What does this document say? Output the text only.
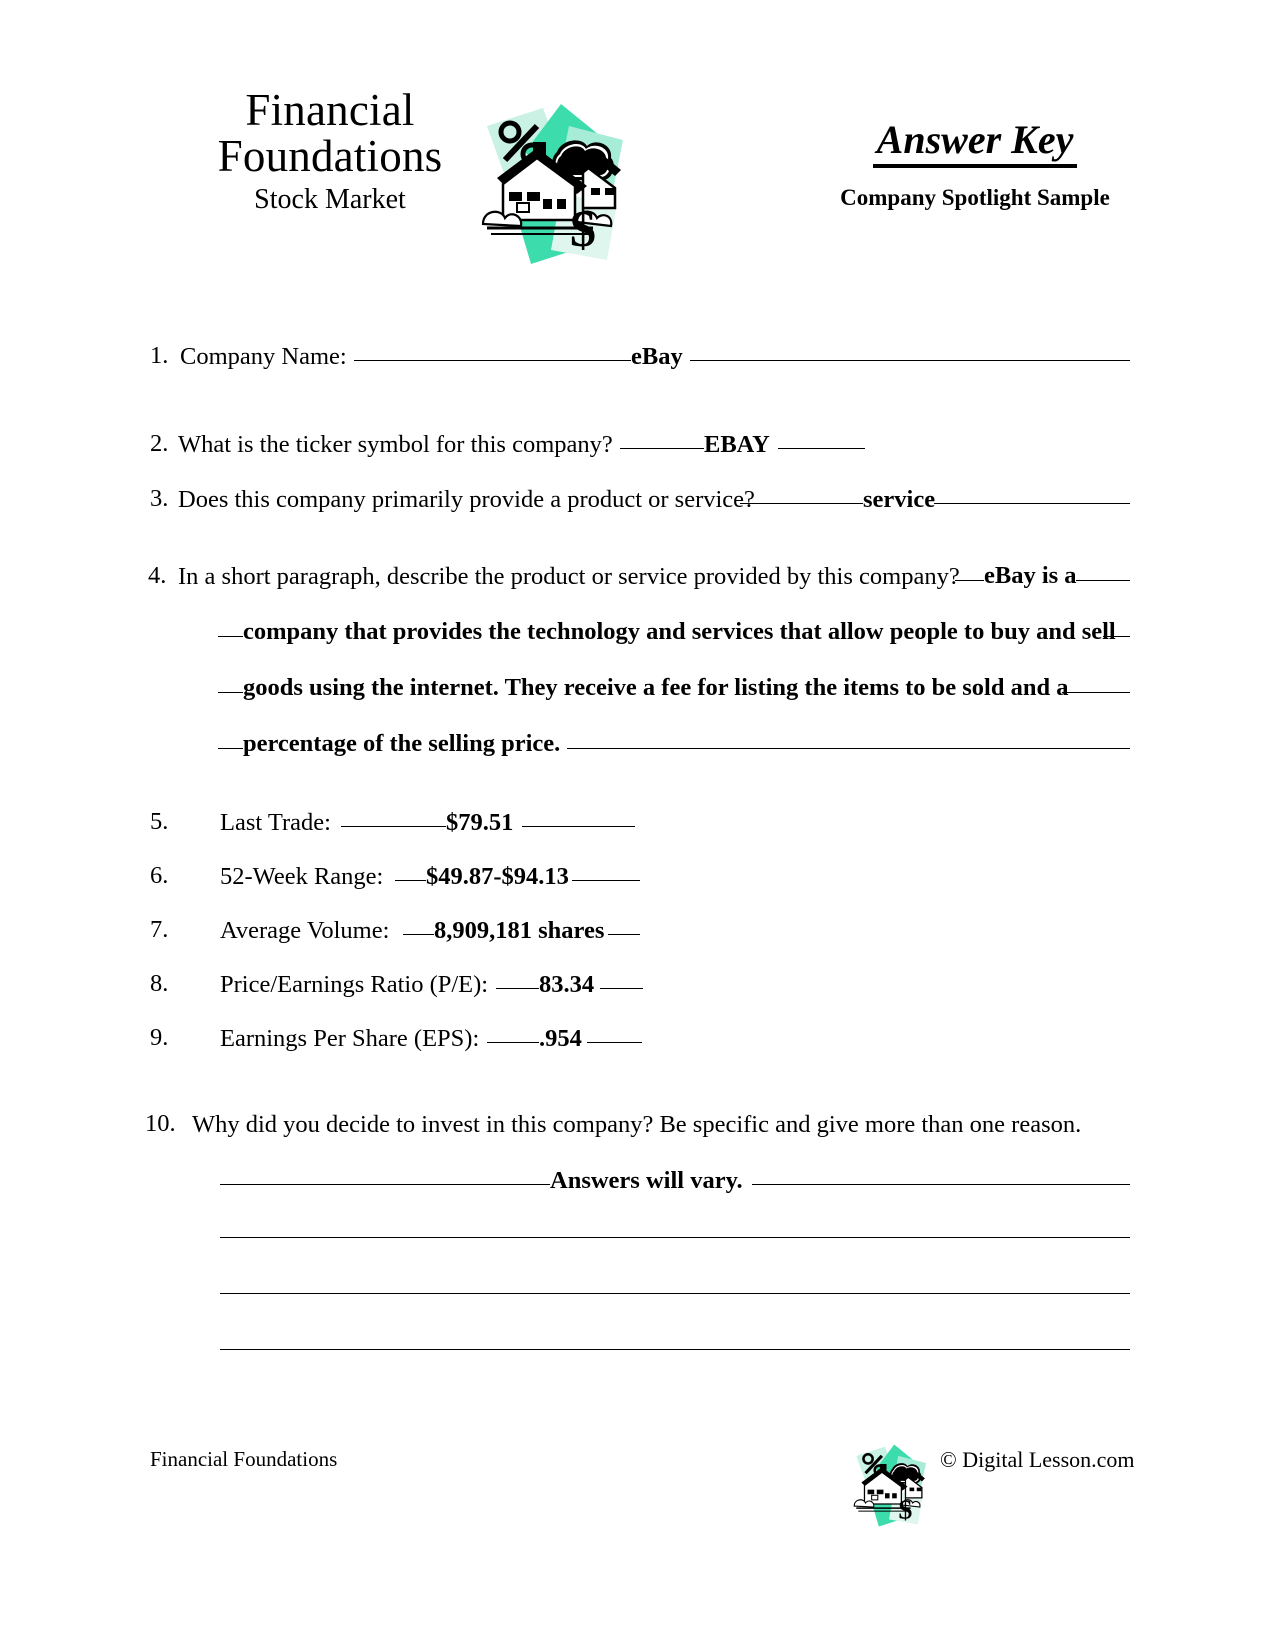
Financial
Foundations
Stock Market
$
Answer Key
Company Spotlight Sample
1. Company Name:	eBay
2. What is the ticker symbol for this company?	EBAY
3. Does this company primarily provide a product or service?	service
4. In a short paragraph, describe the product or service provided by this company? eBay is a
company that provides the technology and services that allow people to buy and sell
goods using the internet. They receive a fee for listing the items to be sold and a
percentage of the selling price.
5. Last Trade:	$79.51
6. 52-Week Range: $49.87-$94.13
7. Average Volume: 8,909,181 shares
8. Price/Earnings Ratio (P/E): 83.34
9. Earnings Per Share (EPS): .954
10. Why did you decide to invest in this company? Be specific and give more than one reason.
Answers will vary.
Financial Foundations
$
© Digital Lesson.com
